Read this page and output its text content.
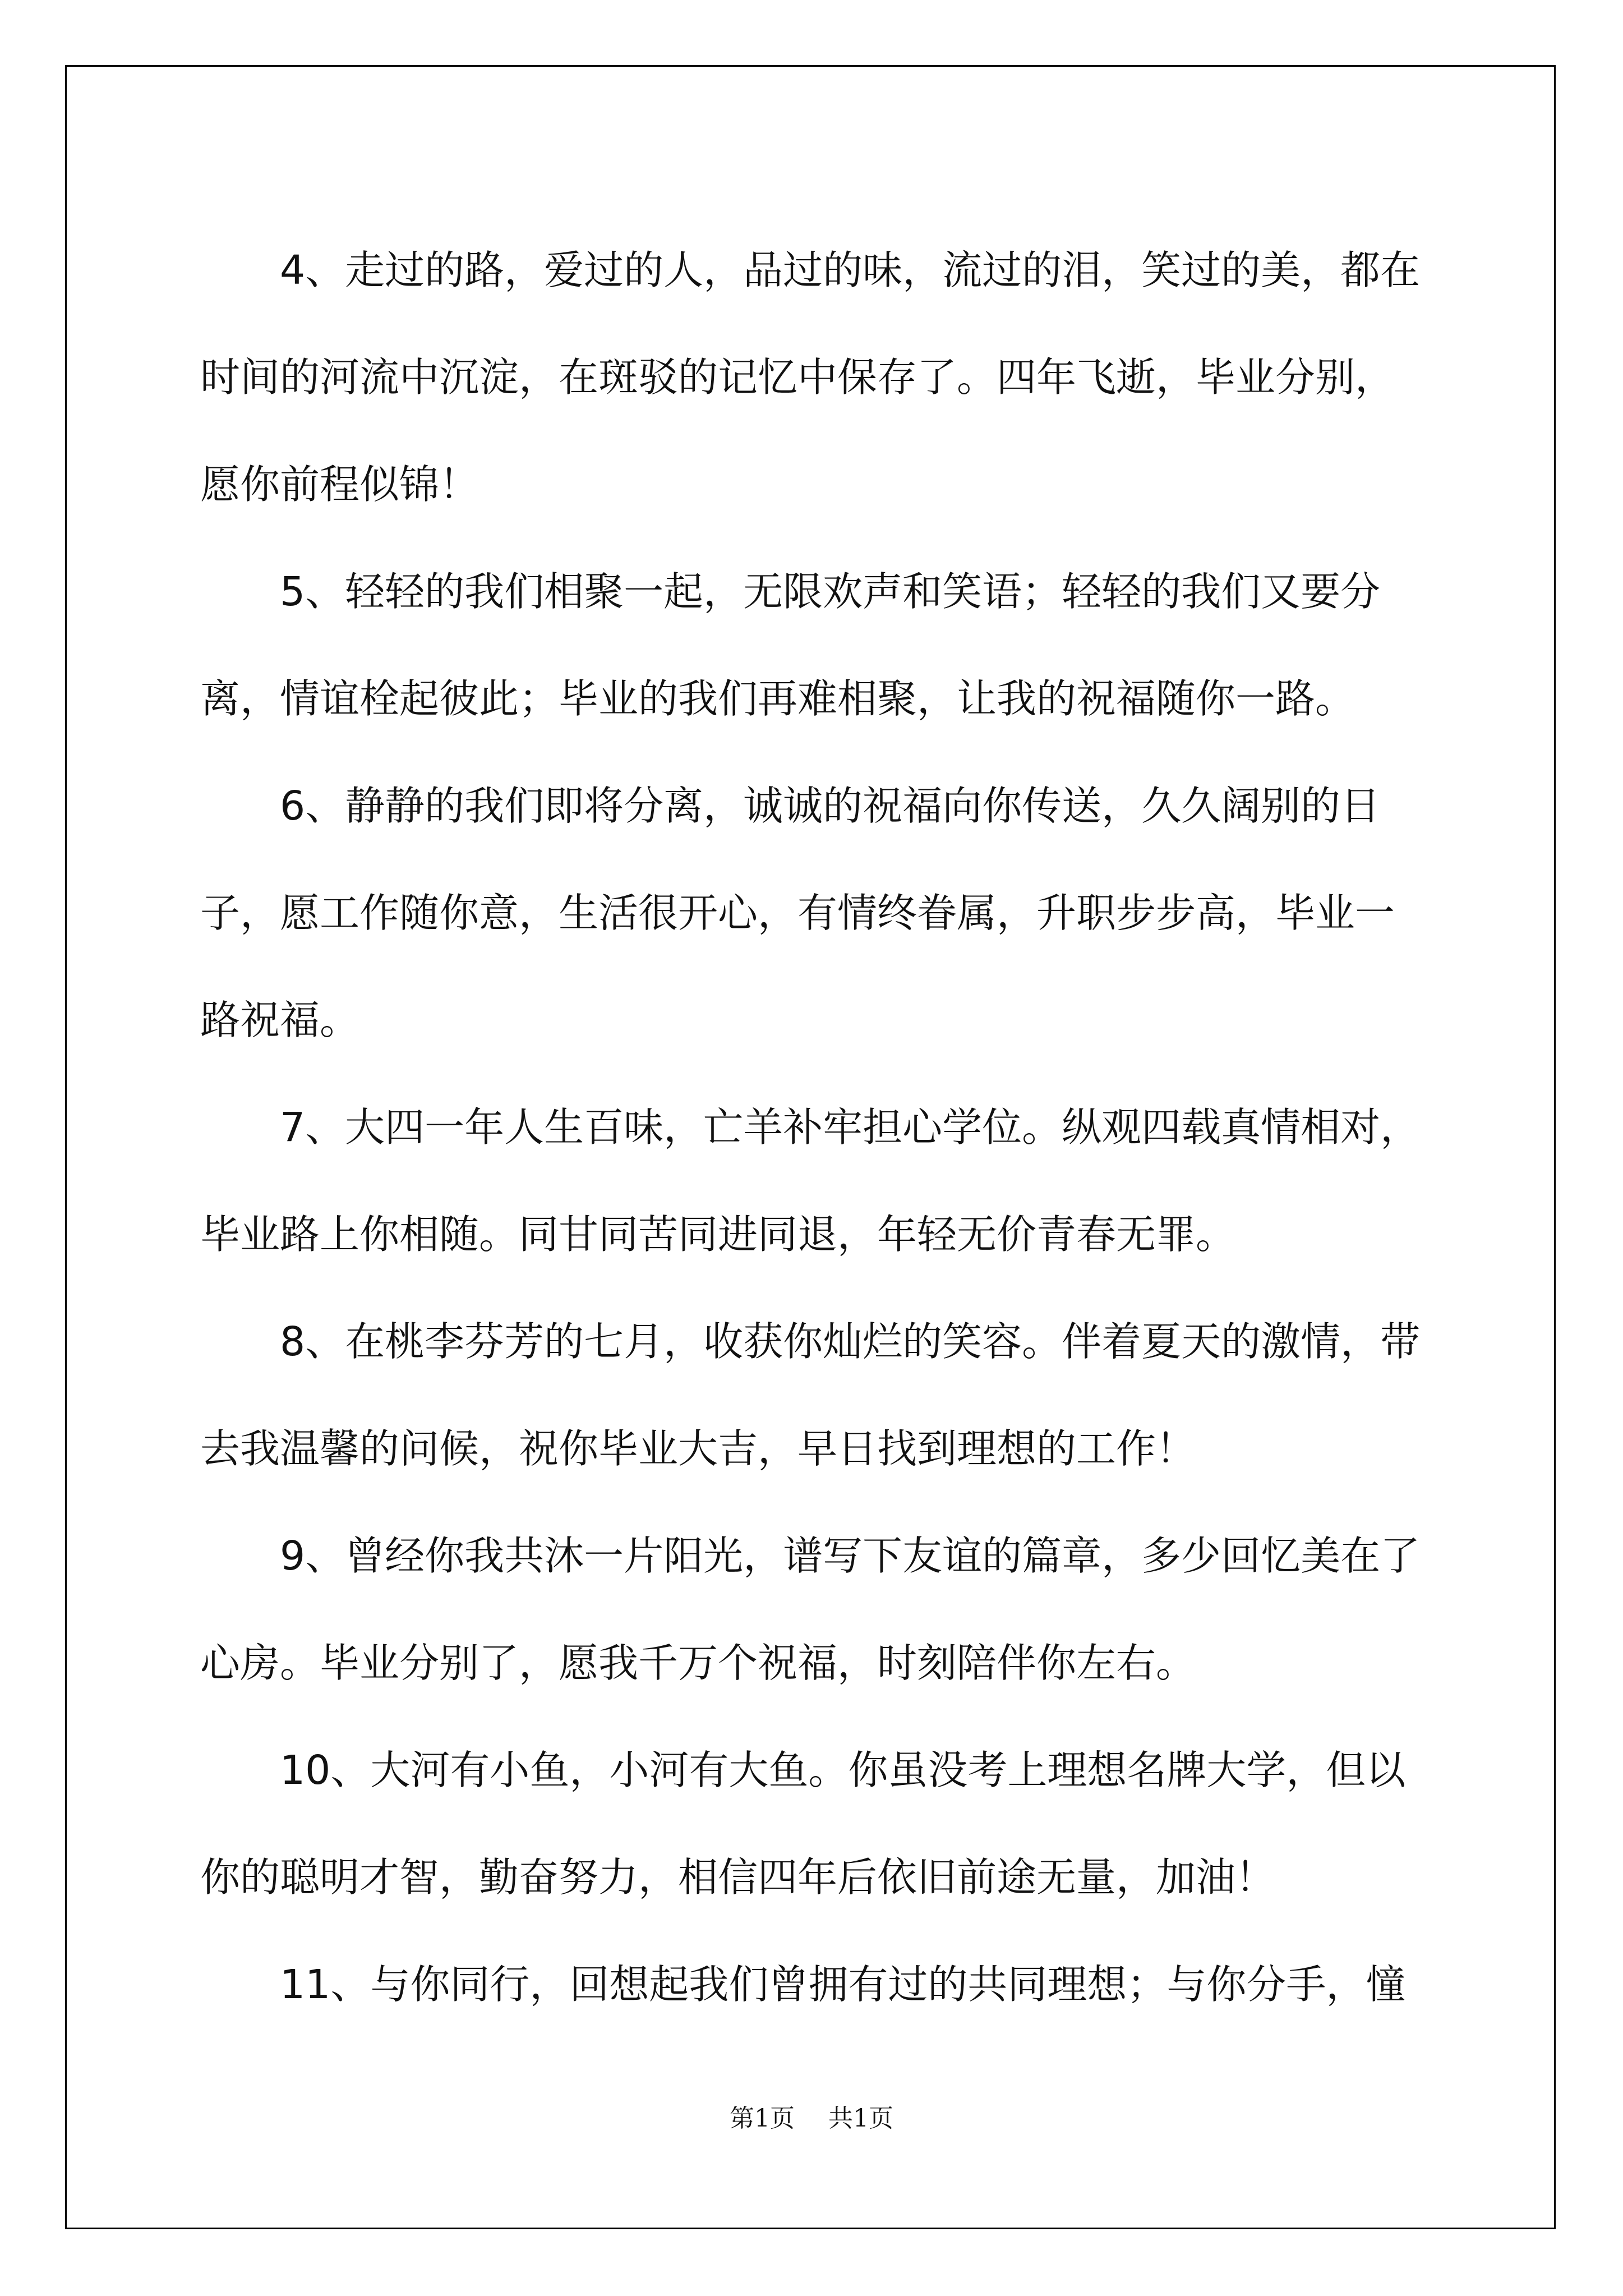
4、走过的路，爱过的人，品过的味，流过的泪，笑过的美，都在时间的河流中沉淀，在斑驳的记忆中保存了。四年飞逝，毕业分别，愿你前程似锦！

5、轻轻的我们相聚一起，无限欢声和笑语；轻轻的我们又要分离，情谊栓起彼此；毕业的我们再难相聚，让我的祝福随你一路。

6、静静的我们即将分离，诚诚的祝福向你传送，久久阔别的日子，愿工作随你意，生活很开心，有情终眷属，升职步步高，毕业一路祝福。

7、大四一年人生百味，亡羊补牢担心学位。纵观四载真情相对，毕业路上你相随。同甘同苦同进同退，年轻无价青春无罪。

8、在桃李芬芳的七月，收获你灿烂的笑容。伴着夏天的激情，带去我温馨的问候，祝你毕业大吉，早日找到理想的工作！

9、曾经你我共沐一片阳光，谱写下友谊的篇章，多少回忆美在了心房。毕业分别了，愿我千万个祝福，时刻陪伴你左右。

10、大河有小鱼，小河有大鱼。你虽没考上理想名牌大学，但以你的聪明才智，勤奋努力，相信四年后依旧前途无量，加油！

11、与你同行，回想起我们曾拥有过的共同理想；与你分手，憧

第1页 共1页
